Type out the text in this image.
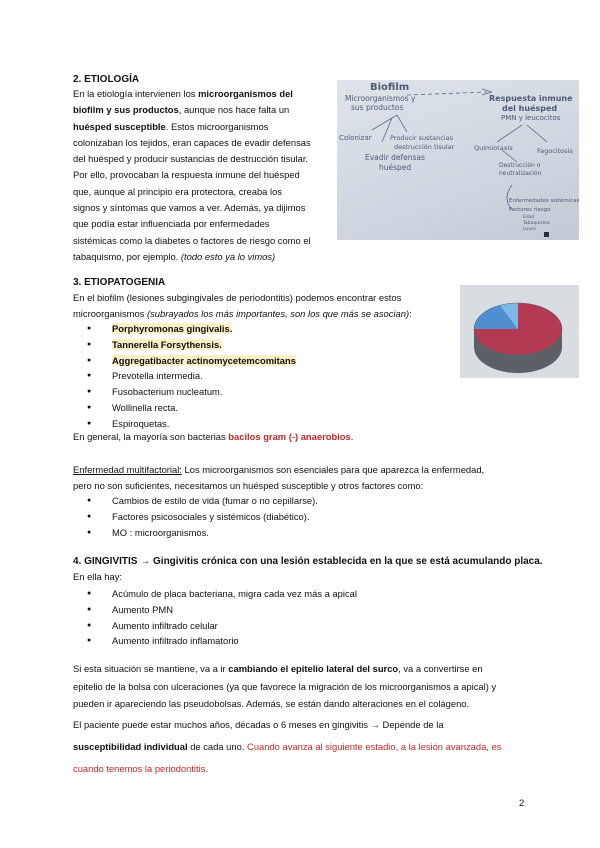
2. ETIOLOGÍA
En la etiología intervienen los microorganismos del
biofilm y sus productos, aunque nos hace falta un
huésped susceptible. Estos microorganismos
colonizaban los tejidos, eran capaces de evadir defensas
del huésped y producir sustancias de destrucción tisular.
Por ello, provocaban la respuesta inmune del huésped
que, aunque al principio era protectora, creaba los
signos y síntomas que vamos a ver. Además, ya dijimos
que podía estar influenciada por enfermedades
sistémicas como la diabetes o factores de riesgo como el
tabaquismo, por ejemplo. (todo esto ya lo vimos)
Biofilm
Microorganismos y
sus productos
Respuesta inmune
del huésped
PMN y leucocitos
Colonizar	Producir sustancias
destrucción tisular
Evadir defensas
huésped
Quimiotaxis	Fagocitosis
Destrucción o
neutralización
Enfermedades sistémicas
Factores riesgo
Edad
Tabaquismo
Leves
3. ETIOPATOGENIA
En el biofilm (lesiones subgingivales de periodontitis) podemos encontrar estos
microorganismos (subrayados los más importantes, son los que más se asocian):
● Porphyromonas gingivalis.
● Tannerella Forsythensis.
● Aggregatibacter actinomycetemcomitans
● Prevotella intermedia.
● Fusobacterium nucleatum.
● Wollinella recta.
● Espiroquetas.
En general, la mayoría son bacterias bacilos gram (-) anaerobios.
Enfermedad multifactorial: Los microorganismos son esenciales para que aparezca la enfermedad,
pero no son suficientes, necesitamos un huésped susceptible y otros factores como:
● Cambios de estilo de vida (fumar o no cepillarse).
● Factores psicosociales y sistémicos (diabético).
● MO : microorganismos.
4. GINGIVITIS → Gingivitis crónica con una lesión establecida en la que se está acumulando placa.
En ella hay:
● Acúmulo de placa bacteriana, migra cada vez más a apical
● Aumento PMN
● Aumento infiltrado celular
● Aumento infiltrado inflamatorio
Si esta situación se mantiene, va a ir cambiando el epitelio lateral del surco, va a convertirse en
epitelio de la bolsa con ulceraciones (ya que favorece la migración de los microorganismos a apical) y
pueden ir apareciendo las pseudobolsas. Además, se están dando alteraciones en el colágeno.
El paciente puede estar muchos años, décadas o 6 meses en gingivitis → Depende de la
susceptibilidad individual de cada uno. Cuando avanza al siguiente estadio, a la lesión avanzada, es
cuando tenemos la periodontitis.
2
